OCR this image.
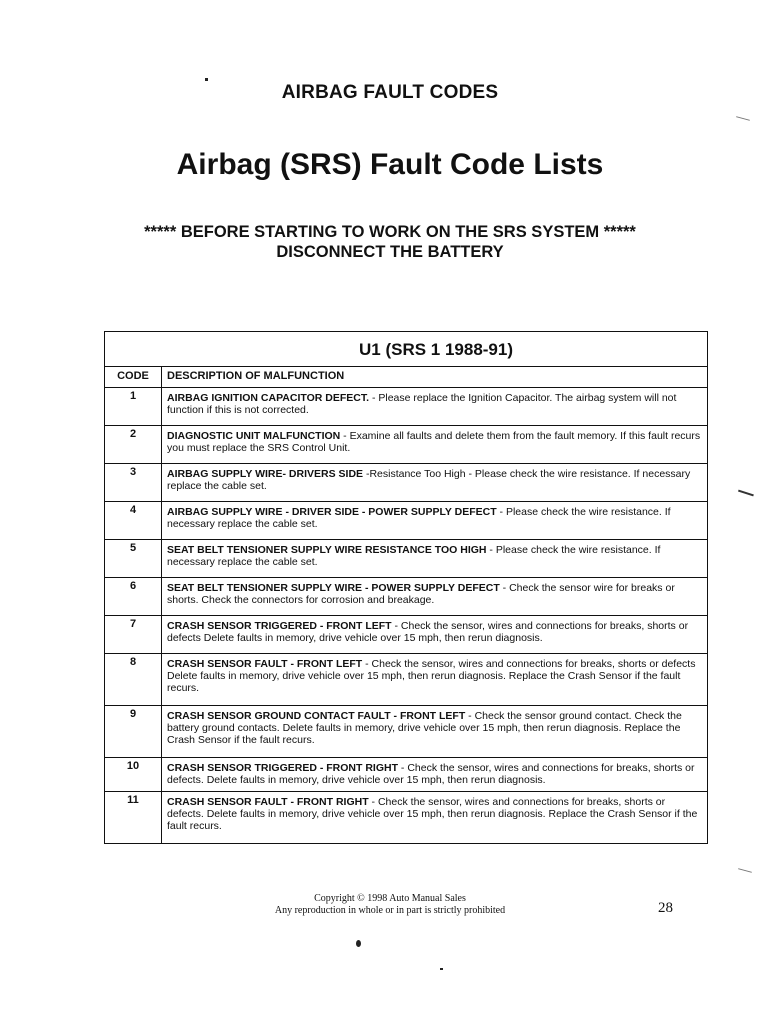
AIRBAG FAULT CODES
Airbag (SRS) Fault Code Lists
***** BEFORE STARTING TO WORK ON THE SRS SYSTEM *****
DISCONNECT THE BATTERY
U1 (SRS 1 1988-91)
CODE	DESCRIPTION OF MALFUNCTION
1	AIRBAG IGNITION CAPACITOR DEFECT. - Please replace the Ignition Capacitor. The airbag system will not function if this is not corrected.
2	DIAGNOSTIC UNIT MALFUNCTION - Examine all faults and delete them from the fault memory. If this fault recurs you must replace the SRS Control Unit.
3	AIRBAG SUPPLY WIRE- DRIVERS SIDE -Resistance Too High - Please check the wire resistance. If necessary replace the cable set.
4	AIRBAG SUPPLY WIRE - DRIVER SIDE - POWER SUPPLY DEFECT - Please check the wire resistance. If necessary replace the cable set.
5	SEAT BELT TENSIONER SUPPLY WIRE RESISTANCE TOO HIGH - Please check the wire resistance. If necessary replace the cable set.
6	SEAT BELT TENSIONER SUPPLY WIRE - POWER SUPPLY DEFECT - Check the sensor wire for breaks or shorts. Check the connectors for corrosion and breakage.
7	CRASH SENSOR TRIGGERED - FRONT LEFT - Check the sensor, wires and connections for breaks, shorts or defects Delete faults in memory, drive vehicle over 15 mph, then rerun diagnosis.
8	CRASH SENSOR FAULT - FRONT LEFT - Check the sensor, wires and connections for breaks, shorts or defects Delete faults in memory, drive vehicle over 15 mph, then rerun diagnosis. Replace the Crash Sensor if the fault recurs.
9	CRASH SENSOR GROUND CONTACT FAULT - FRONT LEFT - Check the sensor ground contact. Check the battery ground contacts. Delete faults in memory, drive vehicle over 15 mph, then rerun diagnosis. Replace the Crash Sensor if the fault recurs.
10	CRASH SENSOR TRIGGERED - FRONT RIGHT - Check the sensor, wires and connections for breaks, shorts or defects. Delete faults in memory, drive vehicle over 15 mph, then rerun diagnosis.
11	CRASH SENSOR FAULT - FRONT RIGHT - Check the sensor, wires and connections for breaks, shorts or defects. Delete faults in memory, drive vehicle over 15 mph, then rerun diagnosis. Replace the Crash Sensor if the fault recurs.
Copyright © 1998 Auto Manual Sales
Any reproduction in whole or in part is strictly prohibited	28
